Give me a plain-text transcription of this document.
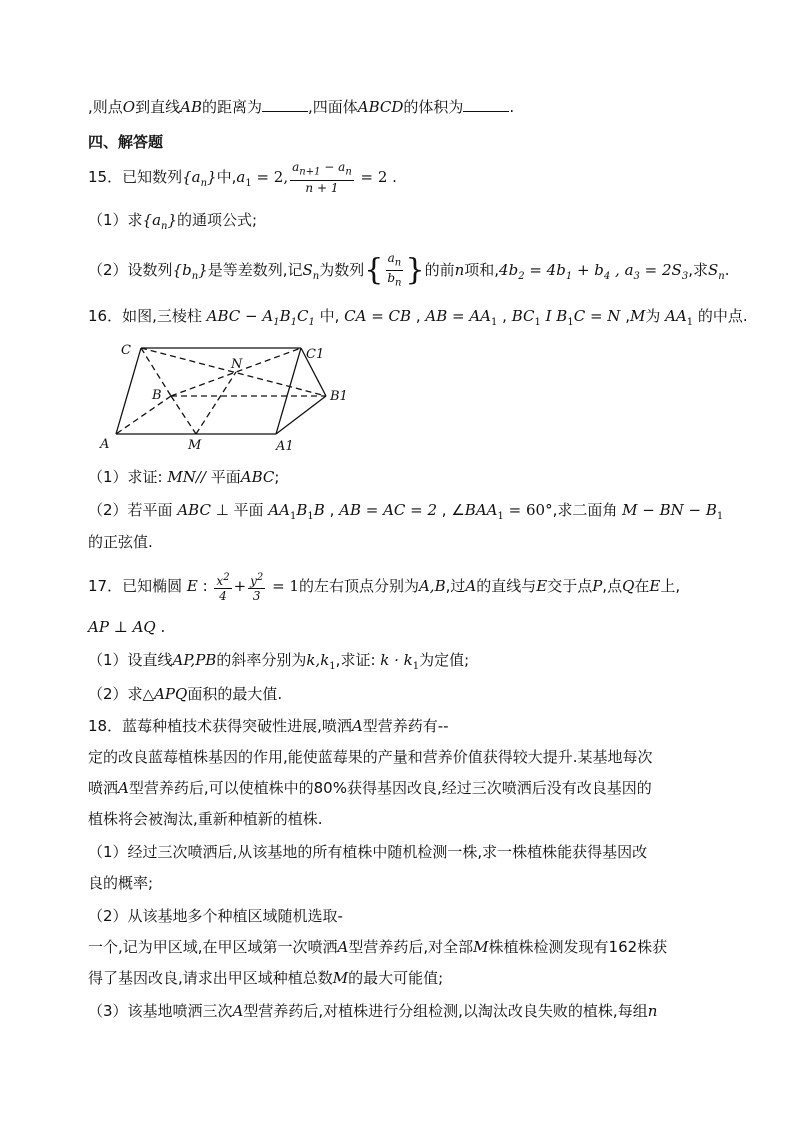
,则点O到直线AB的距离为	,四面体ABCD的体积为	.
四、解答题
15．已知数列$\{a_n\}$中$,a_1 = 2$, $\frac{a_{n+1} - a_n}{n + 1} = 2$ .
（1）求$\{a_n\}$的通项公式;
（2）设数列$\{b_n\}$是等差数列,记$S_n$为数列{ $\frac{a_n}{b_n}$ }的前n项和$,4b_2 = 4b_1 + b_4$ , $a_3 = 2S_3$,求$S_n$.
16．如图,三棱柱 ABC − $A_1B_1C_1$ 中, CA = CB , AB = $AA_1$ , $BC_1$ I $B_1C = N$ ,M为 $AA_1$ 的中点.
C	C1
N
B	B1
A	M	A1
（1）求证: MN// 平面ABC;
（2）若平面 ABC ⊥ 平面 $AA_1B_1B$ , AB = AC = 2 , $\angle BAA_1 = 60^\circ$,求二面角 M − BN − $B_1$
的正弦值.
17．已知椭圆 E : $\frac{x^2}{4} + \frac{y^2}{3} = 1$的左右顶点分别为A,B,过A的直线与E交于点P,点Q在E上,
AP ⊥ AQ .
（1）设直线AP,PB的斜率分别为$k,k_1$,求证: $k \cdot k_1$为定值;
（2）求△APQ面积的最大值.
18．蓝莓种植技术获得突破性进展,喷洒A型营养药有--
定的改良蓝莓植株基因的作用,能使蓝莓果的产量和营养价值获得较大提升.某基地每次
喷洒A型营养药后,可以使植株中的80%获得基因改良,经过三次喷洒后没有改良基因的
植株将会被淘汰,重新种植新的植株.
（1）经过三次喷洒后,从该基地的所有植株中随机检测一株,求一株植株能获得基因改
良的概率;
（2）从该基地多个种植区域随机选取-
一个,记为甲区域,在甲区域第一次喷洒A型营养药后,对全部M株植株检测发现有162株获
得了基因改良,请求出甲区域种植总数M的最大可能值;
（3）该基地喷洒三次A型营养药后,对植株进行分组检测,以淘汰改良失败的植株,每组n
